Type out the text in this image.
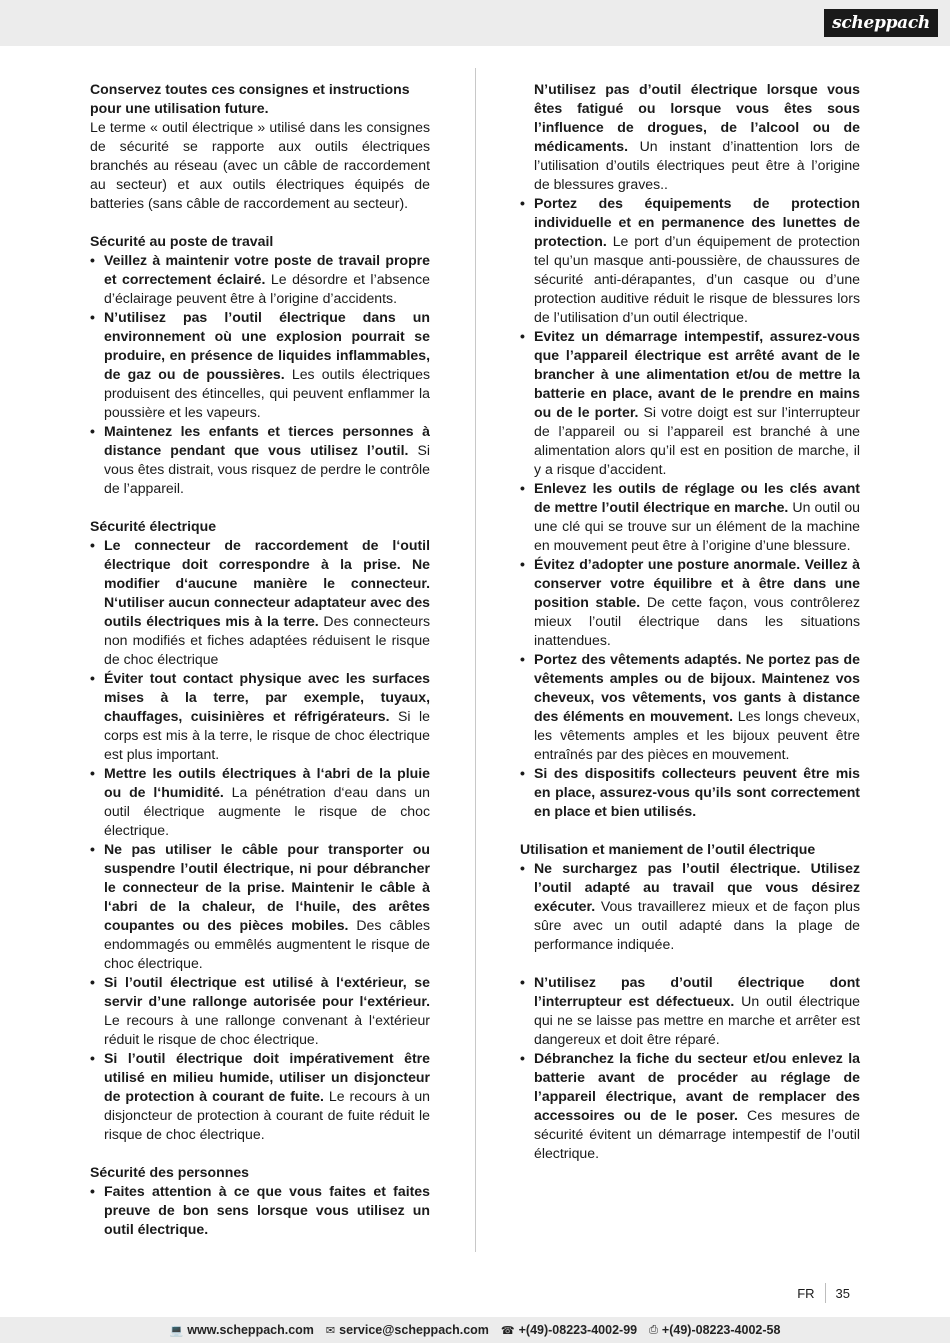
scheppach

Conservez toutes ces consignes et instructions pour une utilisation future.

Le terme « outil électrique » utilisé dans les consignes de sécurité se rapporte aux outils électriques branchés au réseau (avec un câble de raccordement au secteur) et aux outils électriques équipés de batteries (sans câble de raccordement au secteur).

Sécurité au poste de travail

• Veillez à maintenir votre poste de travail propre et correctement éclairé. Le désordre et l’absence d’éclairage peuvent être à l’origine d’accidents.
• N’utilisez pas l’outil électrique dans un environnement où une explosion pourrait se produire, en présence de liquides inflammables, de gaz ou de poussières. Les outils électriques produisent des étincelles, qui peuvent enflammer la poussière et les vapeurs.
• Maintenez les enfants et tierces personnes à distance pendant que vous utilisez l’outil. Si vous êtes distrait, vous risquez de perdre le contrôle de l’appareil.

Sécurité électrique

• Le connecteur de raccordement de l‘outil électrique doit correspondre à la prise. Ne modifier d‘aucune manière le connecteur. N‘utiliser aucun connecteur adaptateur avec des outils électriques mis à la terre. Des connecteurs non modifiés et fiches adaptées réduisent le risque de choc électrique
• Éviter tout contact physique avec les surfaces mises à la terre, par exemple, tuyaux, chauffages, cuisinières et réfrigérateurs. Si le corps est mis à la terre, le risque de choc électrique est plus important.
• Mettre les outils électriques à l‘abri de la pluie ou de l‘humidité. La pénétration d‘eau dans un outil électrique augmente le risque de choc électrique.
• Ne pas utiliser le câble pour transporter ou suspendre l’outil électrique, ni pour débrancher le connecteur de la prise. Maintenir le câble à l‘abri de la chaleur, de l‘huile, des arêtes coupantes ou des pièces mobiles. Des câbles endommagés ou emmêlés augmentent le risque de choc électrique.
• Si l’outil électrique est utilisé à l‘extérieur, se servir d’une rallonge autorisée pour l‘extérieur. Le recours à une rallonge convenant à l‘extérieur réduit le risque de choc électrique.
• Si l’outil électrique doit impérativement être utilisé en milieu humide, utiliser un disjoncteur de protection à courant de fuite. Le recours à un disjoncteur de protection à courant de fuite réduit le risque de choc électrique.

Sécurité des personnes

• Faites attention à ce que vous faites et faites preuve de bon sens lorsque vous utilisez un outil électrique.
N’utilisez pas d’outil électrique lorsque vous êtes fatigué ou lorsque vous êtes sous l’influence de drogues, de l’alcool ou de médicaments. Un instant d’inattention lors de l’utilisation d’outils électriques peut être à l’origine de blessures graves..
• Portez des équipements de protection individuelle et en permanence des lunettes de protection. Le port d’un équipement de protection tel qu’un masque anti-poussière, de chaussures de sécurité anti-dérapantes, d’un casque ou d’une protection auditive réduit le risque de blessures lors de l’utilisation d’un outil électrique.
• Evitez un démarrage intempestif, assurez-vous que l’appareil électrique est arrêté avant de le brancher à une alimentation et/ou de mettre la batterie en place, avant de le prendre en mains ou de le porter. Si votre doigt est sur l’interrupteur de l’appareil ou si l’appareil est branché à une alimentation alors qu’il est en position de marche, il y a risque d’accident.
• Enlevez les outils de réglage ou les clés avant de mettre l’outil électrique en marche. Un outil ou une clé qui se trouve sur un élément de la machine en mouvement peut être à l’origine d’une blessure.
• Évitez d’adopter une posture anormale. Veillez à conserver votre équilibre et à être dans une position stable. De cette façon, vous contrôlerez mieux l’outil électrique dans les situations inattendues.
• Portez des vêtements adaptés. Ne portez pas de vêtements amples ou de bijoux. Maintenez vos cheveux, vos vêtements, vos gants à distance des éléments en mouvement. Les longs cheveux, les vêtements amples et les bijoux peuvent être entraînés par des pièces en mouvement.
• Si des dispositifs collecteurs peuvent être mis en place, assurez-vous qu’ils sont correctement en place et bien utilisés.

Utilisation et maniement de l’outil électrique

• Ne surchargez pas l’outil électrique. Utilisez l’outil adapté au travail que vous désirez exécuter. Vous travaillerez mieux et de façon plus sûre avec un outil adapté dans la plage de performance indiquée.
• N’utilisez pas d’outil électrique dont l’interrupteur est défectueux. Un outil électrique qui ne se laisse pas mettre en marche et arrêter est dangereux et doit être réparé.
• Débranchez la fiche du secteur et/ou enlevez la batterie avant de procéder au réglage de l’appareil électrique, avant de remplacer des accessoires ou de le poser. Ces mesures de sécurité évitent un démarrage intempestif de l’outil électrique.
FR	35
💻 www.scheppach.com ✉ service@scheppach.com ☎ +(49)-08223-4002-99 ⎙ +(49)-08223-4002-58
